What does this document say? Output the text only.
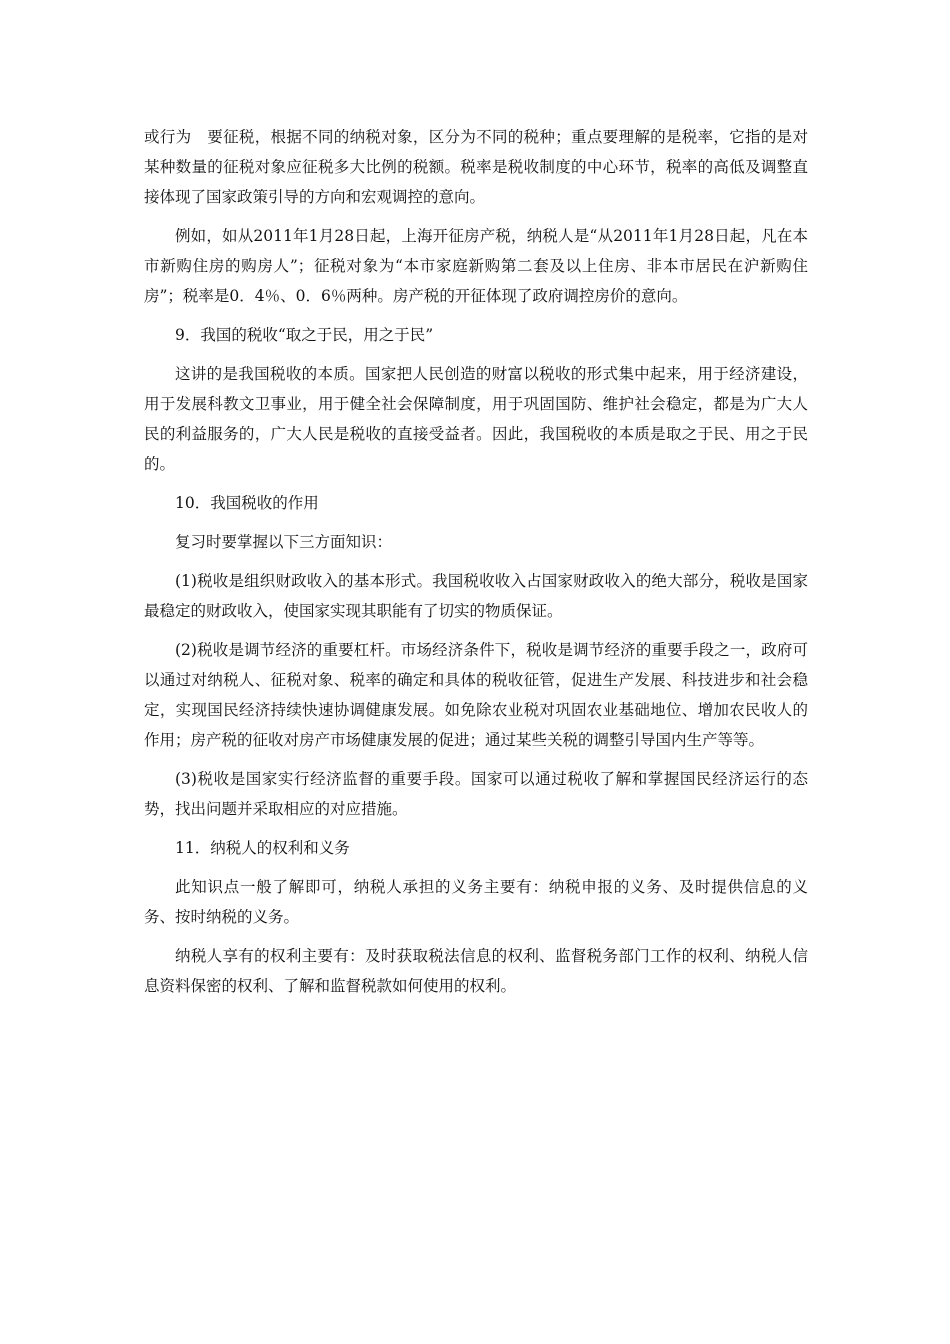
或行为　要征税，根据不同的纳税对象，区分为不同的税种；重点要理解的是税率，它指的是对某种数量的征税对象应征税多大比例的税额。税率是税收制度的中心环节，税率的高低及调整直接体现了国家政策引导的方向和宏观调控的意向。

例如，如从2011年1月28日起，上海开征房产税，纳税人是“从2011年1月28日起，凡在本市新购住房的购房人”；征税对象为“本市家庭新购第二套及以上住房、非本市居民在沪新购住房”；税率是0．4％、0．6％两种。房产税的开征体现了政府调控房价的意向。

9．我国的税收“取之于民，用之于民”

这讲的是我国税收的本质。国家把人民创造的财富以税收的形式集中起来，用于经济建设，用于发展科教文卫事业，用于健全社会保障制度，用于巩固国防、维护社会稳定，都是为广大人民的利益服务的，广大人民是税收的直接受益者。因此，我国税收的本质是取之于民、用之于民的。

10．我国税收的作用

复习时要掌握以下三方面知识：

(1)税收是组织财政收入的基本形式。我国税收收入占国家财政收入的绝大部分，税收是国家最稳定的财政收入，使国家实现其职能有了切实的物质保证。

(2)税收是调节经济的重要杠杆。市场经济条件下，税收是调节经济的重要手段之一，政府可以通过对纳税人、征税对象、税率的确定和具体的税收征管，促进生产发展、科技进步和社会稳定，实现国民经济持续快速协调健康发展。如免除农业税对巩固农业基础地位、增加农民收人的作用；房产税的征收对房产市场健康发展的促进；通过某些关税的调整引导国内生产等等。

(3)税收是国家实行经济监督的重要手段。国家可以通过税收了解和掌握国民经济运行的态势，找出问题并采取相应的对应措施。

11．纳税人的权利和义务

此知识点一般了解即可，纳税人承担的义务主要有：纳税申报的义务、及时提供信息的义务、按时纳税的义务。

纳税人享有的权利主要有：及时获取税法信息的权利、监督税务部门工作的权利、纳税人信息资料保密的权利、了解和监督税款如何使用的权利。
